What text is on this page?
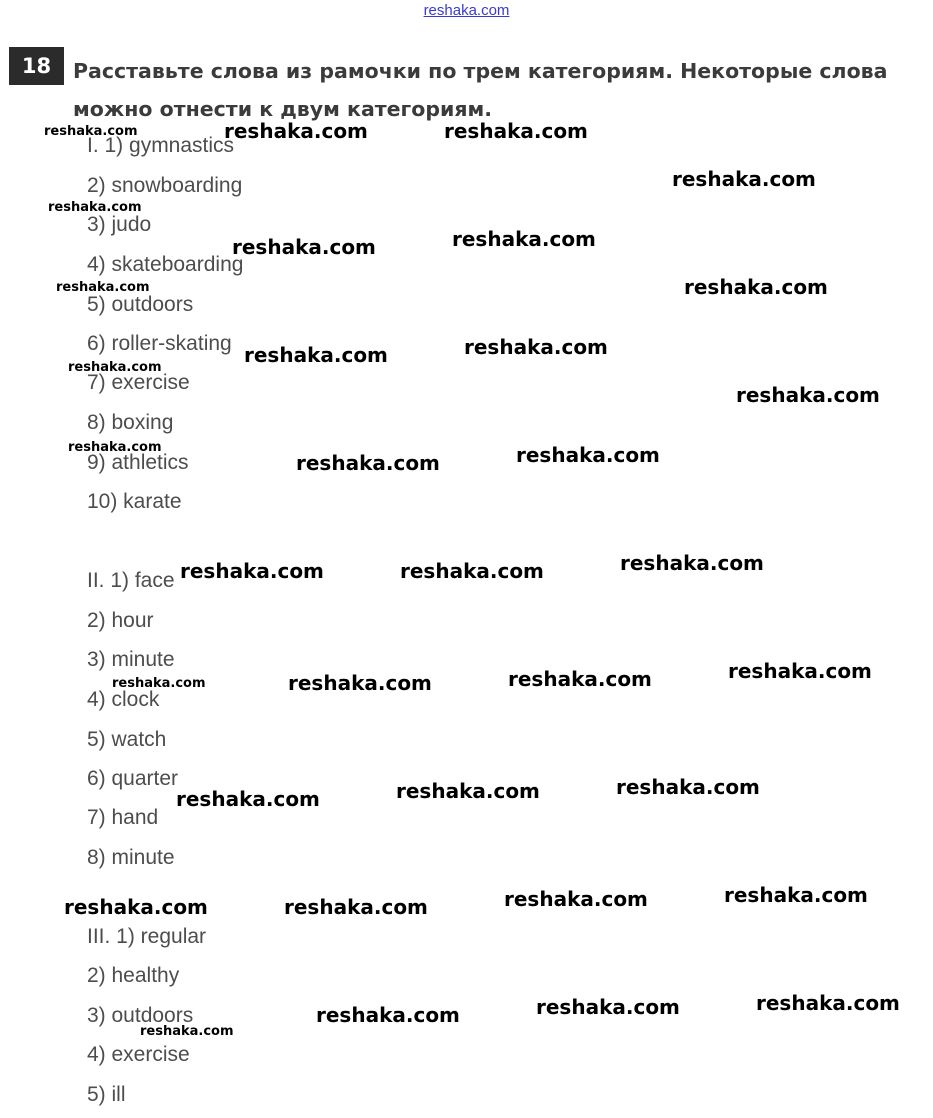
reshaka.com
18	Расставьте слова из рамочки по трем категориям. Некоторые слова можно отнести к двум категориям.
I. 1) gymnastics
2) snowboarding
3) judo
4) skateboarding
5) outdoors
6) roller-skating
7) exercise
8) boxing
9) athletics
10) karate
II. 1) face
2) hour
3) minute
4) clock
5) watch
6) quarter
7) hand
8) minute
III. 1) regular
2) healthy
3) outdoors
4) exercise
5) ill
reshaka.com	reshaka.com	reshaka.com
reshaka.com
reshaka.com
reshaka.com	reshaka.com
reshaka.com	reshaka.com
reshaka.com	reshaka.com
reshaka.com
reshaka.com
reshaka.com
reshaka.com	reshaka.com
reshaka.com	reshaka.com	reshaka.com
reshaka.com	reshaka.com	reshaka.com	reshaka.com
reshaka.com	reshaka.com	reshaka.com
reshaka.com	reshaka.com	reshaka.com	reshaka.com
reshaka.com	reshaka.com	reshaka.com
reshaka.com
